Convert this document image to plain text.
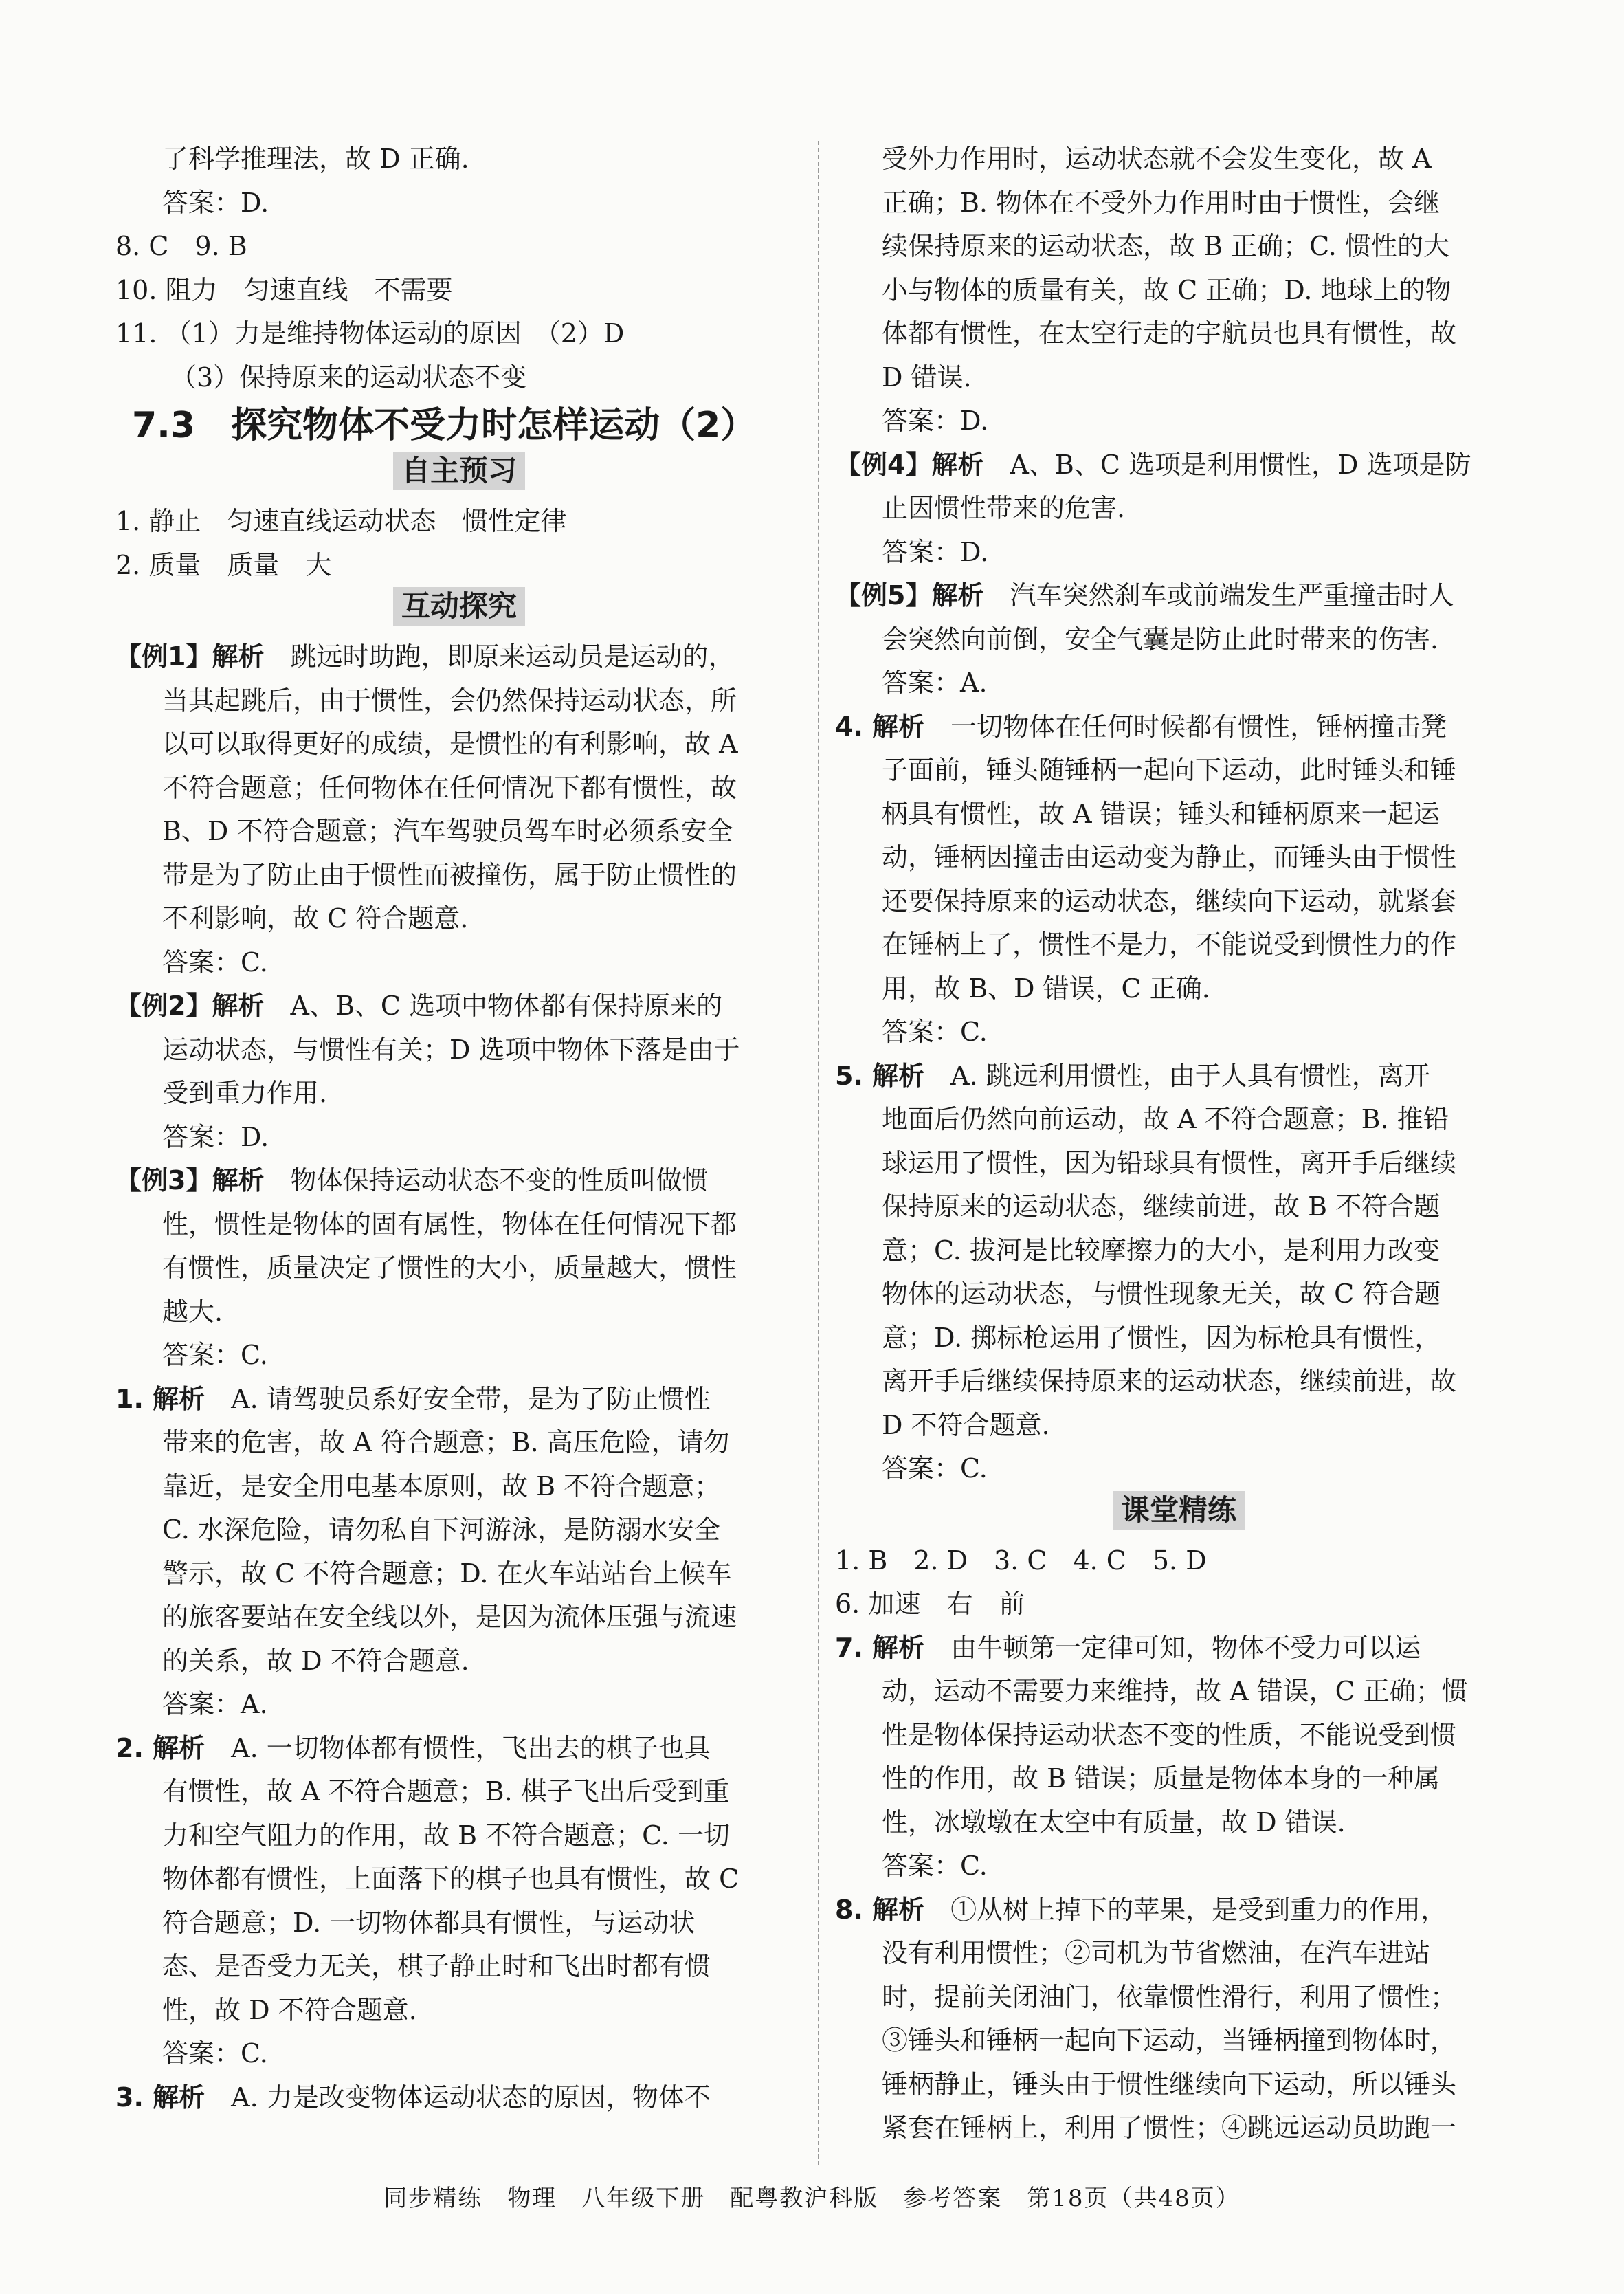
了科学推理法，故 D 正确.
答案：D.
8. C　9. B
10. 阻力　匀速直线　不需要
11. （1）力是维持物体运动的原因　（2）D
（3）保持原来的运动状态不变
7.3　探究物体不受力时怎样运动（2）
自主预习
1. 静止　匀速直线运动状态　惯性定律
2. 质量　质量　大
互动探究
【例1】解析　 跳远时助跑，即原来运动员是运动的，
当其起跳后，由于惯性，会仍然保持运动状态，所
以可以取得更好的成绩，是惯性的有利影响，故 A
不符合题意；任何物体在任何情况下都有惯性，故
B、D 不符合题意；汽车驾驶员驾车时必须系安全
带是为了防止由于惯性而被撞伤，属于防止惯性的
不利影响，故 C 符合题意.
答案：C.
【例2】解析　 A、B、C 选项中物体都有保持原来的
运动状态，与惯性有关；D 选项中物体下落是由于
受到重力作用.
答案：D.
【例3】解析　 物体保持运动状态不变的性质叫做惯
性，惯性是物体的固有属性，物体在任何情况下都
有惯性，质量决定了惯性的大小，质量越大，惯性
越大.
答案：C.
1. 解析　 A. 请驾驶员系好安全带，是为了防止惯性
带来的危害，故 A 符合题意；B. 高压危险，请勿
靠近，是安全用电基本原则，故 B 不符合题意；
C. 水深危险，请勿私自下河游泳，是防溺水安全
警示，故 C 不符合题意；D. 在火车站站台上候车
的旅客要站在安全线以外，是因为流体压强与流速
的关系，故 D 不符合题意.
答案：A.
2. 解析　 A. 一切物体都有惯性，飞出去的棋子也具
有惯性，故 A 不符合题意；B. 棋子飞出后受到重
力和空气阻力的作用，故 B 不符合题意；C. 一切
物体都有惯性，上面落下的棋子也具有惯性，故 C
符合题意；D. 一切物体都具有惯性，与运动状
态、是否受力无关，棋子静止时和飞出时都有惯
性，故 D 不符合题意.
答案：C.
3. 解析　 A. 力是改变物体运动状态的原因，物体不
受外力作用时，运动状态就不会发生变化，故 A
正确；B. 物体在不受外力作用时由于惯性，会继
续保持原来的运动状态，故 B 正确；C. 惯性的大
小与物体的质量有关，故 C 正确；D. 地球上的物
体都有惯性，在太空行走的宇航员也具有惯性，故
D 错误.
答案：D.
【例4】解析　 A、B、C 选项是利用惯性，D 选项是防
止因惯性带来的危害.
答案：D.
【例5】解析　 汽车突然刹车或前端发生严重撞击时人
会突然向前倒，安全气囊是防止此时带来的伤害.
答案：A.
4. 解析　 一切物体在任何时候都有惯性，锤柄撞击凳
子面前，锤头随锤柄一起向下运动，此时锤头和锤
柄具有惯性，故 A 错误；锤头和锤柄原来一起运
动，锤柄因撞击由运动变为静止，而锤头由于惯性
还要保持原来的运动状态，继续向下运动，就紧套
在锤柄上了，惯性不是力，不能说受到惯性力的作
用，故 B、D 错误，C 正确.
答案：C.
5. 解析　 A. 跳远利用惯性，由于人具有惯性，离开
地面后仍然向前运动，故 A 不符合题意；B. 推铅
球运用了惯性，因为铅球具有惯性，离开手后继续
保持原来的运动状态，继续前进，故 B 不符合题
意；C. 拔河是比较摩擦力的大小，是利用力改变
物体的运动状态，与惯性现象无关，故 C 符合题
意；D. 掷标枪运用了惯性，因为标枪具有惯性，
离开手后继续保持原来的运动状态，继续前进，故
D 不符合题意.
答案：C.
课堂精练
1. B　2. D　3. C　4. C　5. D
6. 加速　右　前
7. 解析　 由牛顿第一定律可知，物体不受力可以运
动，运动不需要力来维持，故 A 错误，C 正确；惯
性是物体保持运动状态不变的性质，不能说受到惯
性的作用，故 B 错误；质量是物体本身的一种属
性，冰墩墩在太空中有质量，故 D 错误.
答案：C.
8. 解析　 ①从树上掉下的苹果，是受到重力的作用，
没有利用惯性；②司机为节省燃油，在汽车进站
时，提前关闭油门，依靠惯性滑行，利用了惯性；
③锤头和锤柄一起向下运动，当锤柄撞到物体时，
锤柄静止，锤头由于惯性继续向下运动，所以锤头
紧套在锤柄上，利用了惯性；④跳远运动员助跑一
同步精练　物理　八年级下册　配粤教沪科版　参考答案　第18页（共48页）
